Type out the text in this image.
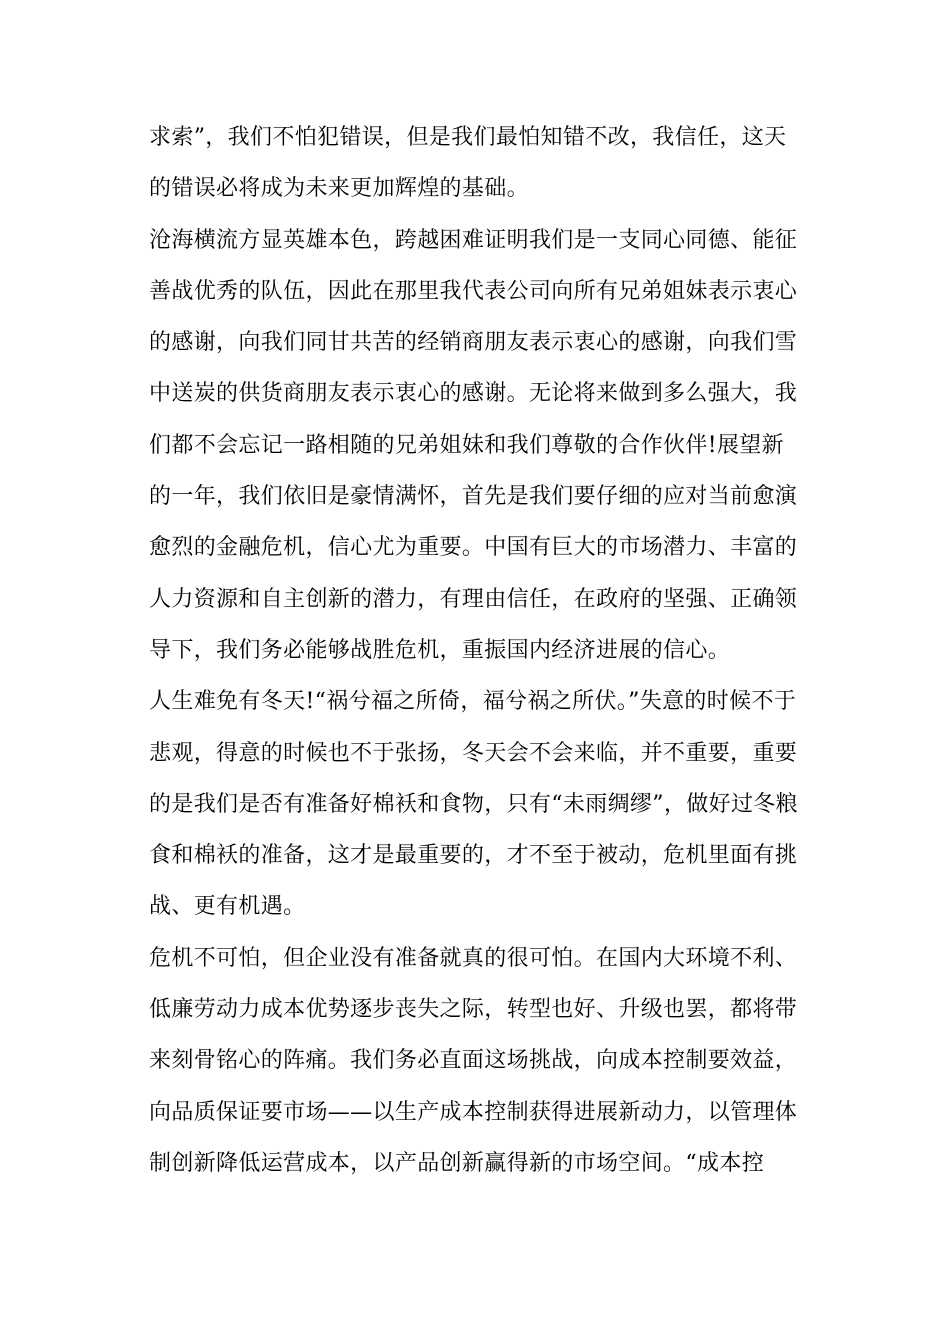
求索”，我们不怕犯错误，但是我们最怕知错不改，我信任，这天
的错误必将成为未来更加辉煌的基础。
沧海横流方显英雄本色，跨越困难证明我们是一支同心同德、能征
善战优秀的队伍，因此在那里我代表公司向所有兄弟姐妹表示衷心
的感谢，向我们同甘共苦的经销商朋友表示衷心的感谢，向我们雪
中送炭的供货商朋友表示衷心的感谢。无论将来做到多么强大，我
们都不会忘记一路相随的兄弟姐妹和我们尊敬的合作伙伴!展望新
的一年，我们依旧是豪情满怀，首先是我们要仔细的应对当前愈演
愈烈的金融危机，信心尤为重要。中国有巨大的市场潜力、丰富的
人力资源和自主创新的潜力，有理由信任，在政府的坚强、正确领
导下，我们务必能够战胜危机，重振国内经济进展的信心。
人生难免有冬天!“祸兮福之所倚，福兮祸之所伏。”失意的时候不于
悲观，得意的时候也不于张扬，冬天会不会来临，并不重要，重要
的是我们是否有准备好棉袄和食物，只有“未雨绸缪”，做好过冬粮
食和棉袄的准备，这才是最重要的，才不至于被动，危机里面有挑
战、更有机遇。
危机不可怕，但企业没有准备就真的很可怕。在国内大环境不利、
低廉劳动力成本优势逐步丧失之际，转型也好、升级也罢，都将带
来刻骨铭心的阵痛。我们务必直面这场挑战，向成本控制要效益，
向品质保证要市场——以生产成本控制获得进展新动力，以管理体
制创新降低运营成本，以产品创新赢得新的市场空间。“成本控
